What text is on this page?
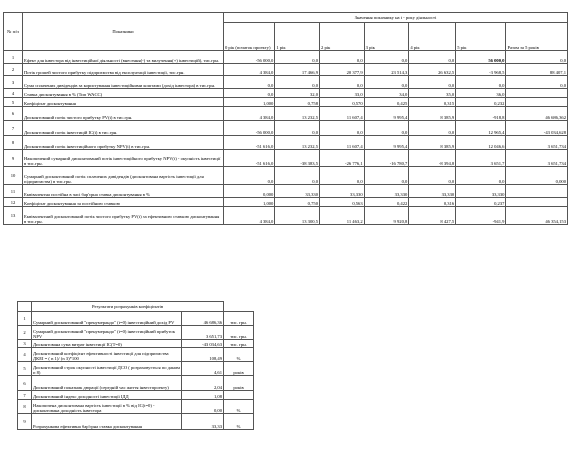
№ п/п	Показники	Значення показнику на t - року діяльності						
		0 рік (початок проекту)	1 рік	2 рік	3 рік	4 рік	5 рік	Разом за 5 років
1	Ефект для інвестора від інвестиційної діяльності (внесення(-) та вилучення(+) інвестицій), тис.грн.	-56 000,0	0,0	0,0	0,0	0,0	56 000,0	0,0
2	Потік грошей чистого прибутку підприємства від експлуатації інвестиції, тис.грн.	4 384,0	17 466,9	20 377,9	23 514,3	26 632,5	-3 968,5	88 407,1
3	Сума сплачених дивідендів за користування інвестиційними коштами (дохід інвестора) в тис.грн.	0,0	0,0	0,0	0,0	0,0	0,0	0,0
4	Ставка дисконтування в % (Тип WACC)	0,0	32,0	33,0	34,0	35,0	36,0	
5	Коефіцієнт дисконтування	1,000	0,758	0,570	0,425	0,315	0,232	
6	Дисконтований потік чистого прибутку PV(t) в тис.грн.	4 384,0	13 232,5	11 607,4	9 995,4	8 385,9	-918,8	46 686,362
7	Дисконтований потік інвестицій IC(t) в тис.грн.	-56 000,0	0,0	0,0	0,0	0,0	12 965,4	-43 034,628
8	Дисконтований потік інвестиційного прибутку NPV(t) в тис.грн.	-51 616,0	13 232,5	11 607,4	9 995,4	8 385,9	12 046,6	3 651,734
9	Накопичений сумарний дисконтований потік інвестиційного прибутку NPV(t) - окупність інвестиції в тис.грн.	-51 616,0	-38 383,5	-26 776,1	-16 780,7	-8 394,8	3 651,7	3 651,734
10	Сумарний дисконтований потік сплачених дивідендів (дисконтована вартість інвестиції для підприємства) в тис.грн.	0,0	0,0	0,0	0,0	0,0	0,0	0,000
11	Еквівалентна постійна в часі бар'єрна ставка дисконтування в %	0,000	33,330	33,330	33,330	33,330	33,330	
12	Коефіцієнт дисконтування за постійною ставкою	1,000	0,750	0,563	0,422	0,316	0,237	
13	Еквівалентний дисконтований потік чистого прибутку PV(t) за ефективною ставкою дисконтування в тис.грн.	4 384,0	13 300,5	11 463,2	9 920,8	8 427,5	-941,9	46 354,153
	Результати розрахунків коефіцієнтів			
1	Сумарний дисконтований "пренумерандо" (t=0) інвестиційний дохід PV	46 686,36	тис. грн.	
2	Сумарний дисконтований "пренумерандо" (t=0) інвестиційний прибуток NPV	3 651,73	тис. грн.	
3	Дисконтована сума витрат інвестиції IC(T=0)	-43 034,63	тис. грн.	
4	Дисконтований коефіцієнт ефективності інвестиції для підприємства ДКЕІ = ( n 1)/ (n 3)*100	108,49	%	
5	Дисконтований строк окупності інвестиції ДСО ( розраховується по даним п 8)	4,61	років	
6	Дисконтований показник дюрації (середній час життя інвестпроекту)	2,04	років	
7	Дисконтований індекс доходності інвестиції ІДД	1,08		
8	Накопичена дисконтована вартість інвестиції в % від IC(t=0) - дисконтована доходність інвестора	0,00	%	
9	Розрахункова ефективна бар'єрна ставка дисконтування	33,33	%	
